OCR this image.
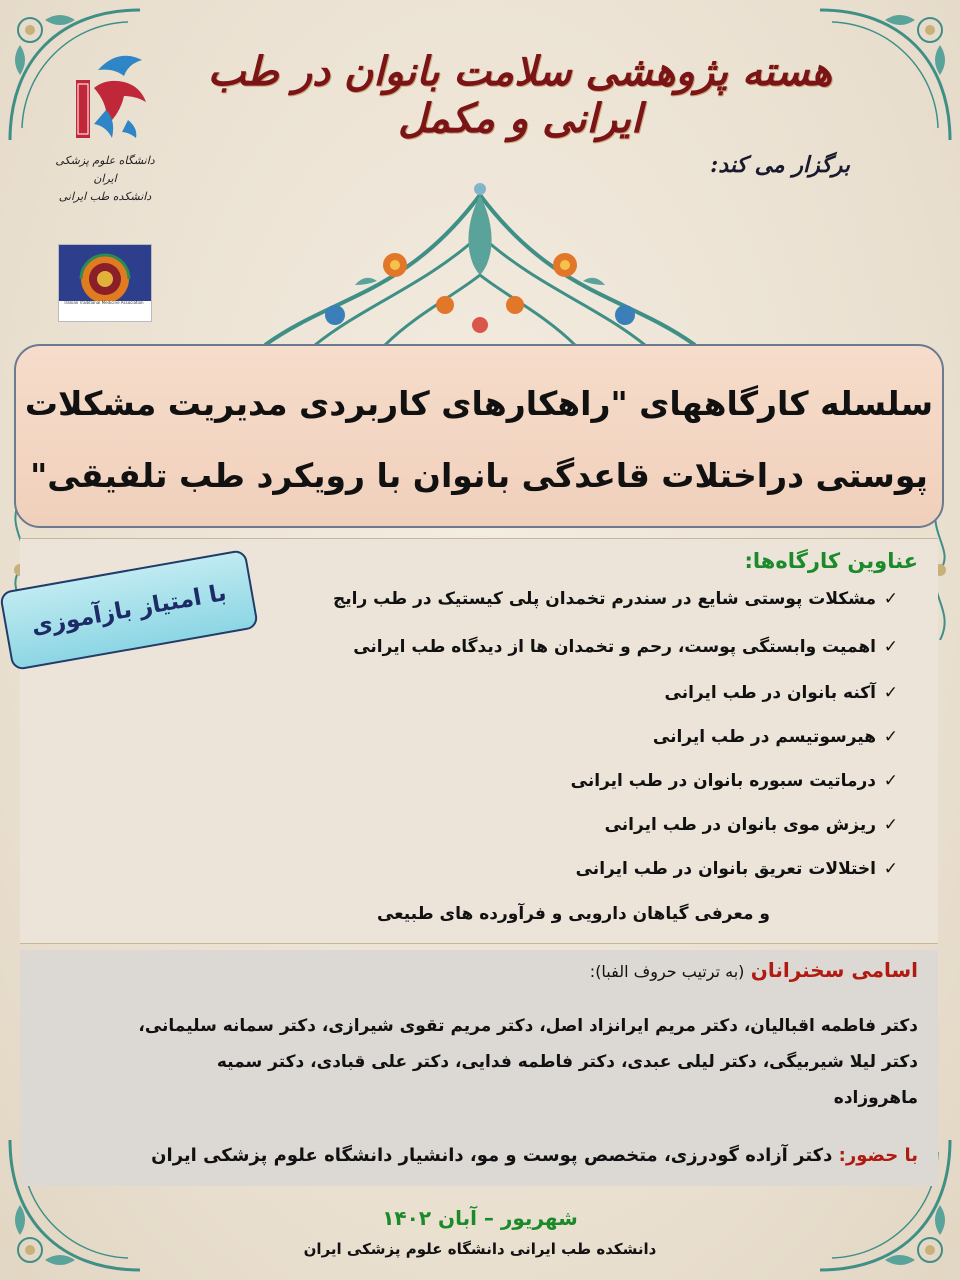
دانشگاه علوم پزشکی ایران
دانشکده طب ایرانی
Iranian Traditional Medicine Association
هسته پژوهشی سلامت بانوان در طب ایرانی و مکمل
برگزار می کند:
سلسله کارگاههای "راهکارهای کاربردی مدیریت مشکلات
پوستی دراختلات قاعدگی بانوان با رویکرد طب تلفیقی"
عناوین کارگاه‌ها:
✓مشکلات پوستی شایع در سندرم تخمدان پلی کیستیک در طب رایج
✓اهمیت وابستگی پوست، رحم و تخمدان ها از دیدگاه طب ایرانی
✓آکنه بانوان در طب ایرانی
✓هیرسوتیسم در طب ایرانی
✓درماتیت سبوره بانوان در طب ایرانی
✓ریزش موی بانوان در طب ایرانی
✓اختلالات تعریق بانوان در طب ایرانی
و معرفی گیاهان دارویی و فرآورده های طبیعی
با امتیاز بازآموزی
اسامی سخنرانان (به ترتیب حروف الفبا):
دکتر فاطمه اقبالیان، دکتر مریم ایرانزاد اصل، دکتر مریم تقوی شیرازی، دکتر سمانه سلیمانی،
دکتر لیلا شیربیگی، دکتر لیلی عبدی، دکتر فاطمه فدایی، دکتر علی قبادی، دکتر سمیه
ماهروزاده
با حضور: دکتر آزاده گودرزی، متخصص پوست و مو، دانشیار دانشگاه علوم پزشکی ایران
شهریور – آبان ۱۴۰۲
دانشکده طب ایرانی دانشگاه علوم پزشکی ایران
